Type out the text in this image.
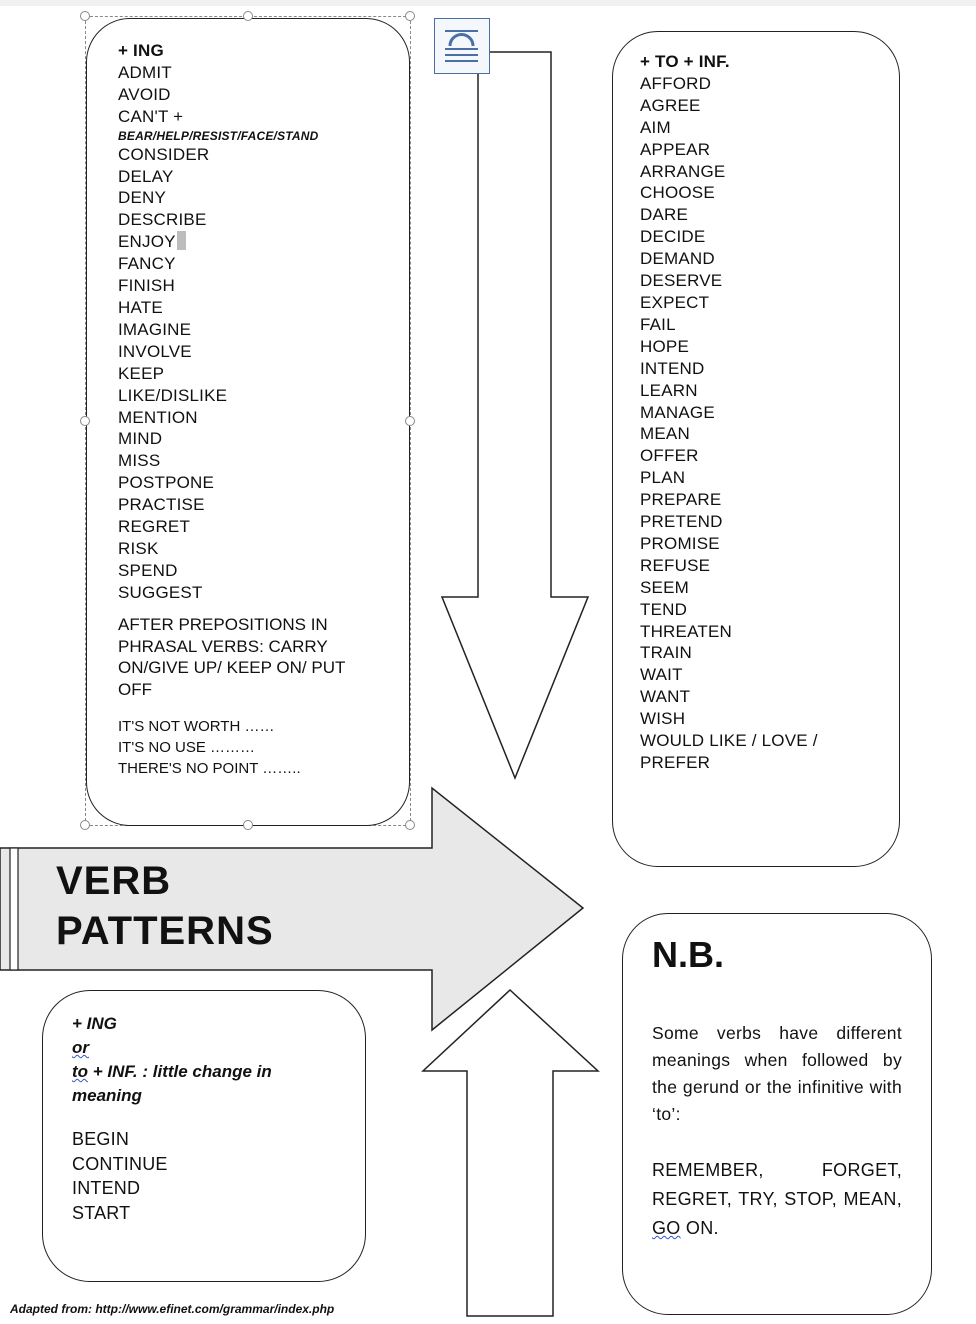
+ ING
ADMIT
AVOID
CAN'T +
BEAR/HELP/RESIST/FACE/STAND
CONSIDER
DELAY
DENY
DESCRIBE
ENJOY
FANCY
FINISH
HATE
IMAGINE
INVOLVE
KEEP
LIKE/DISLIKE
MENTION
MIND
MISS
POSTPONE
PRACTISE
REGRET
RISK
SPEND
SUGGEST
AFTER PREPOSITIONS IN PHRASAL VERBS: CARRY ON/GIVE UP/ KEEP ON/ PUT OFF
IT'S NOT WORTH ……
IT'S NO USE ………
THERE'S NO POINT ……..
+ TO + INF.
AFFORD
AGREE
AIM
APPEAR
ARRANGE
CHOOSE
DARE
DECIDE
DEMAND
DESERVE
EXPECT
FAIL
HOPE
INTEND
LEARN
MANAGE
MEAN
OFFER
PLAN
PREPARE
PRETEND
PROMISE
REFUSE
SEEM
TEND
THREATEN
TRAIN
WAIT
WANT
WISH
WOULD LIKE / LOVE /
PREFER
VERB
PATTERNS
+ ING
or
to + INF. : little change in
meaning
BEGIN
CONTINUE
INTEND
START
N.B.
Some verbs have different meanings when followed by the gerund or the infinitive with ‘to’:
REMEMBER, FORGET, REGRET, TRY, STOP, MEAN, GO ON.
Adapted from: http://www.efinet.com/grammar/index.php
